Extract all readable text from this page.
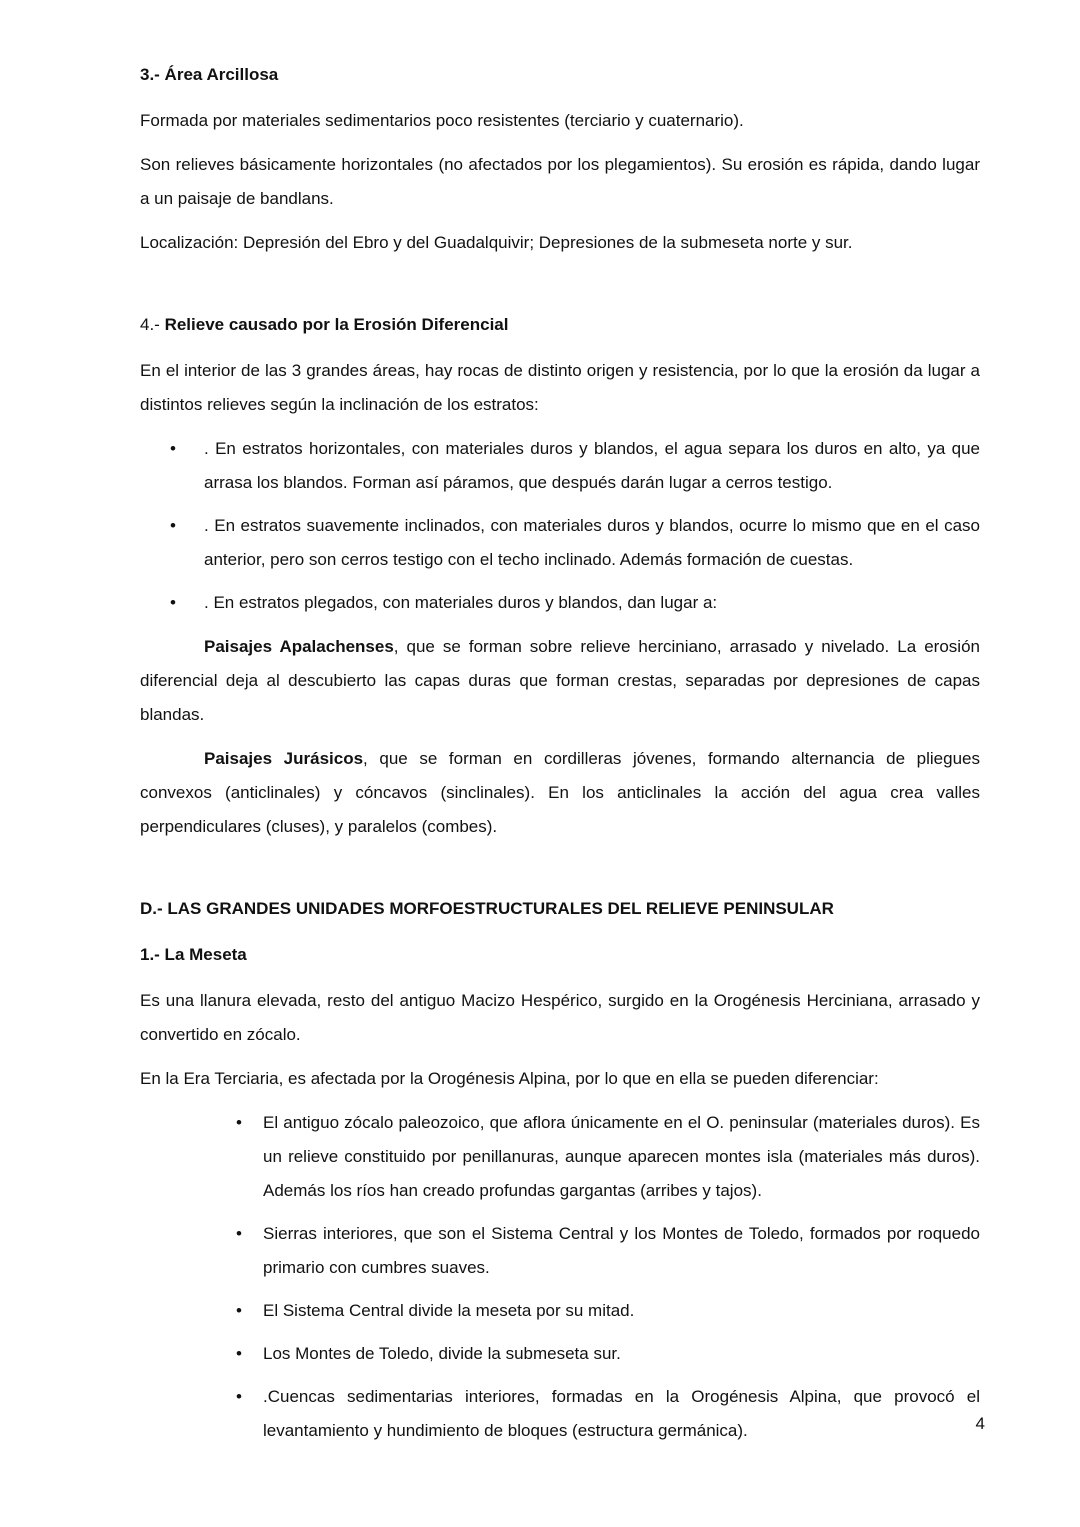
3.- Área Arcillosa

Formada por materiales sedimentarios poco resistentes (terciario y cuaternario).

Son relieves básicamente horizontales (no afectados por los plegamientos). Su erosión es rápida, dando lugar a un paisaje de bandlans.

Localización: Depresión del Ebro y del Guadalquivir; Depresiones de la submeseta norte y sur.

4.- Relieve causado por la Erosión Diferencial

En el interior de las 3 grandes áreas, hay rocas de distinto origen y resistencia, por lo que la erosión da lugar a distintos relieves según la inclinación de los estratos:

• . En estratos horizontales, con materiales duros y blandos, el agua separa los duros en alto, ya que arrasa los blandos. Forman así páramos, que después darán lugar a cerros testigo.
• . En estratos suavemente inclinados, con materiales duros y blandos, ocurre lo mismo que en el caso anterior, pero son cerros testigo con el techo inclinado. Además formación de cuestas.
• . En estratos plegados, con materiales duros y blandos, dan lugar a:

Paisajes Apalachenses, que se forman sobre relieve herciniano, arrasado y nivelado. La erosión diferencial deja al descubierto las capas duras que forman crestas, separadas por depresiones de capas blandas.

Paisajes Jurásicos, que se forman en cordilleras jóvenes, formando alternancia de pliegues convexos (anticlinales) y cóncavos (sinclinales). En los anticlinales la acción del agua crea valles perpendiculares (cluses), y paralelos (combes).

D.- LAS GRANDES UNIDADES MORFOESTRUCTURALES DEL RELIEVE PENINSULAR
1.- La Meseta

Es una llanura elevada, resto del antiguo Macizo Hespérico, surgido en la Orogénesis Herciniana, arrasado y convertido en zócalo.

En la Era Terciaria, es afectada por la Orogénesis Alpina, por lo que en ella se pueden diferenciar:

• El antiguo zócalo paleozoico, que aflora únicamente en el O. peninsular (materiales duros). Es un relieve constituido por penillanuras, aunque aparecen montes isla (materiales más duros). Además los ríos han creado profundas gargantas (arribes y tajos).
• Sierras interiores, que son el Sistema Central y los Montes de Toledo, formados por roquedo primario con cumbres suaves.
• El Sistema Central divide la meseta por su mitad.
• Los Montes de Toledo, divide la submeseta sur.
• .Cuencas sedimentarias interiores, formadas en la Orogénesis Alpina, que provocó el levantamiento y hundimiento de bloques (estructura germánica).	4
